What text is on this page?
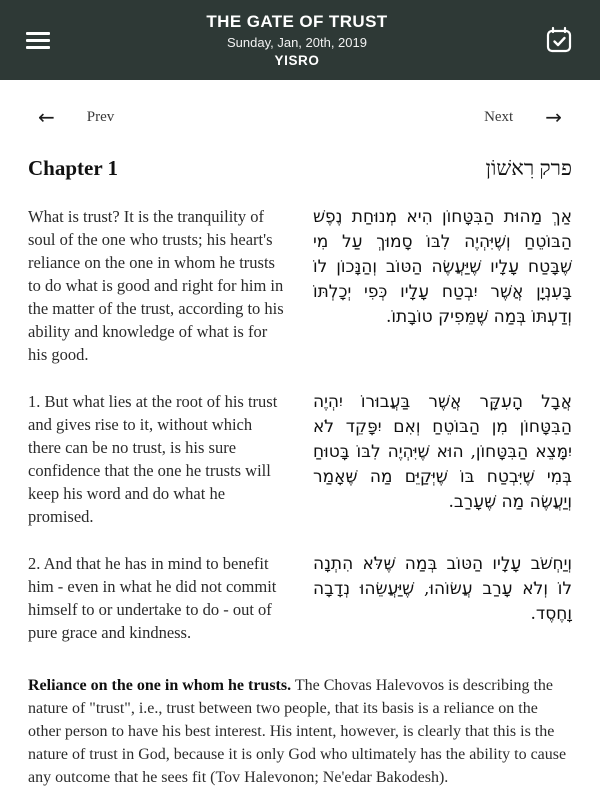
THE GATE OF TRUST
Sunday, Jan, 20th, 2019
YISRO
← Prev	Next →
Chapter 1	פרק רִאשׁוֹן
What is trust? It is the tranquility of soul of the one who trusts; his heart's reliance on the one in whom he trusts to do what is good and right for him in the matter of the trust, according to his ability and knowledge of what is for his good.
אַךְ מַהוּת הַבִּטָּחוֹן הִיא מְנוּחַת נֶפֶשׁ הַבּוֹטֵחַ וְשֶׁיִּהְיֶה לִבּוֹ סָמוּךְ עַל מִי שֶׁבָּטַח עָלָיו שֶׁיַּעֲשֶׂה הַטּוֹב וְהַנָּכוֹן לוֹ בָּעִנְיָן אֲשֶׁר יִבְטַח עָלָיו כְּפִי יְכָלְתּוֹ וְדַעְתּוֹ בְּמַה שֶּׁמֵּפִיק טוֹבָתוֹ.
1. But what lies at the root of his trust and gives rise to it, without which there can be no trust, is his sure confidence that the one he trusts will keep his word and do what he promised.
אֲבָל הָעִקָּר אֲשֶׁר בַּעֲבוּרוֹ יִהְיֶה הַבִּטָּחוֹן מִן הַבּוֹטֵחַ וְאִם יִפָּקֵד לֹא יִמָּצֵא הַבִּטָּחוֹן, הוּא שֶׁיִּהְיֶה לִבּוֹ בָּטוּחַ בְּמִי שֶׁיִּבְטַח בּוֹ שֶׁיְּקַיֵּם מַה שֶּׁאָמַר וְיַעֲשֶׂה מַה שֶּׁעָרַב.
2. And that he has in mind to benefit him - even in what he did not commit himself to or undertake to do - out of pure grace and kindness.
וְיַחְשֹׁב עָלָיו הַטּוֹב בְּמַה שֶּׁלֹּא הִתְנָה לוֹ וְלֹא עָרַב עֲשׂוֹהוּ, שֶׁיַּעֲשֵׂהוּ נְדָבָה וָחֶסֶד.
Reliance on the one in whom he trusts. The Chovas Halevovos is describing the nature of "trust", i.e., trust between two people, that its basis is a reliance on the other person to have his best interest. His intent, however, is clearly that this is the nature of trust in God, because it is only God who ultimately has the ability to cause any outcome that he sees fit (Tov Halevonon; Ne'edar Bakodesh).
